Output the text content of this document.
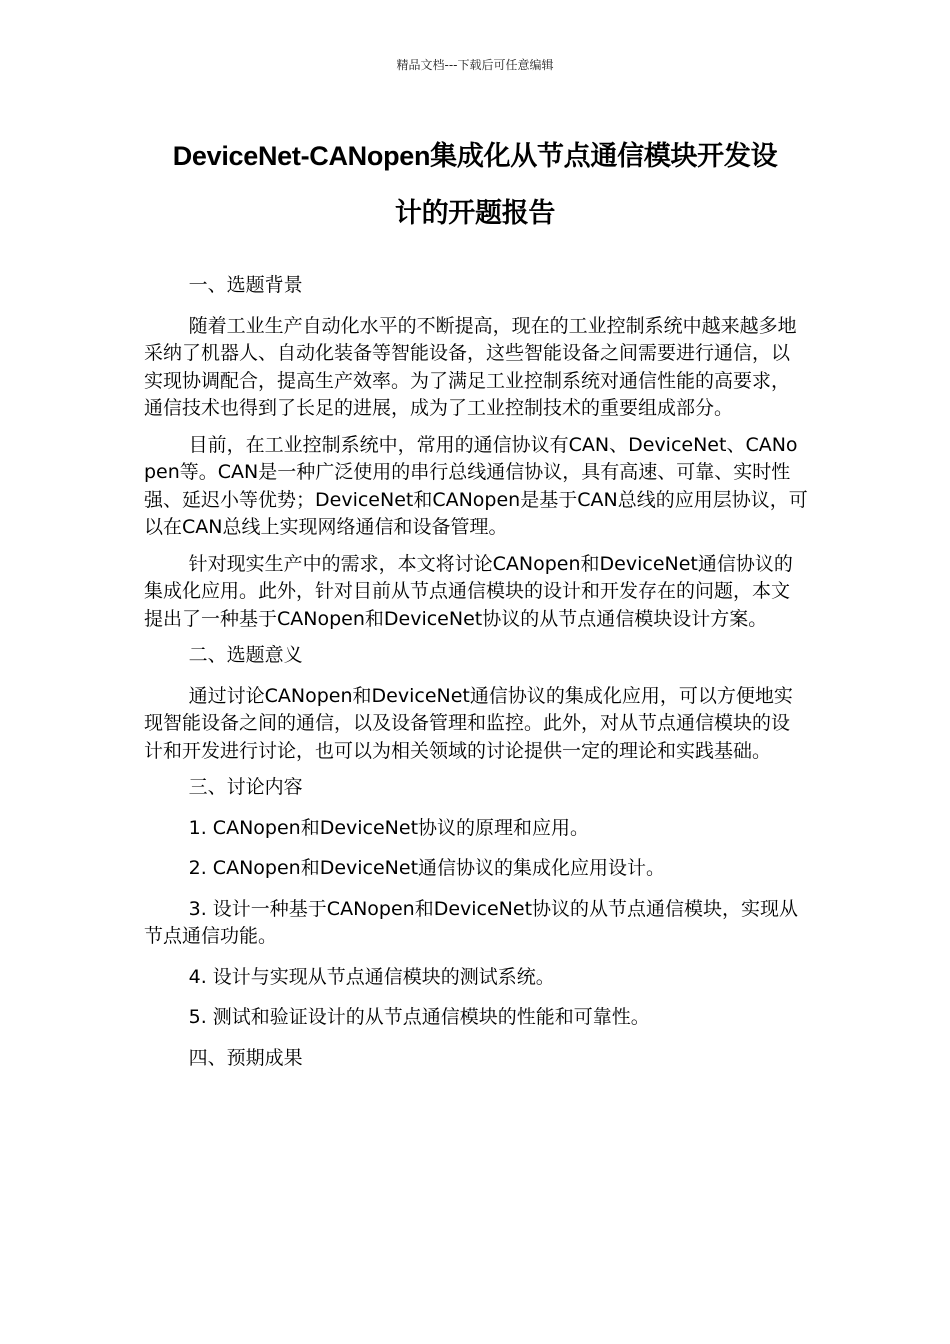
精品文档---下载后可任意编辑
DeviceNet-CANopen集成化从节点通信模块开发设
计的开题报告

一、选题背景

随着工业生产自动化水平的不断提高，现在的工业控制系统中越来越多地采纳了机器人、自动化装备等智能设备，这些智能设备之间需要进行通信，以实现协调配合，提高生产效率。为了满足工业控制系统对通信性能的高要求，通信技术也得到了长足的进展，成为了工业控制技术的重要组成部分。

目前，在工业控制系统中，常用的通信协议有CAN、DeviceNet、CANopen等。CAN是一种广泛使用的串行总线通信协议，具有高速、可靠、实时性强、延迟小等优势；DeviceNet和CANopen是基于CAN总线的应用层协议，可以在CAN总线上实现网络通信和设备管理。

针对现实生产中的需求，本文将讨论CANopen和DeviceNet通信协议的集成化应用。此外，针对目前从节点通信模块的设计和开发存在的问题，本文提出了一种基于CANopen和DeviceNet协议的从节点通信模块设计方案。

二、选题意义

通过讨论CANopen和DeviceNet通信协议的集成化应用，可以方便地实现智能设备之间的通信，以及设备管理和监控。此外，对从节点通信模块的设计和开发进行讨论，也可以为相关领域的讨论提供一定的理论和实践基础。

三、讨论内容

1. CANopen和DeviceNet协议的原理和应用。

2. CANopen和DeviceNet通信协议的集成化应用设计。

3. 设计一种基于CANopen和DeviceNet协议的从节点通信模块，实现从节点通信功能。

4. 设计与实现从节点通信模块的测试系统。

5. 测试和验证设计的从节点通信模块的性能和可靠性。

四、预期成果
